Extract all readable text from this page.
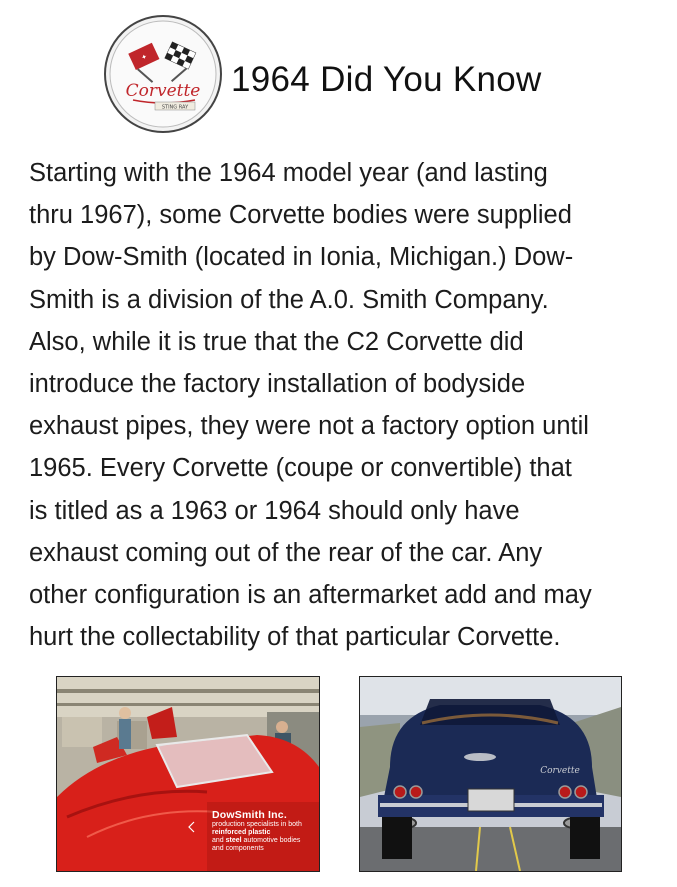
✦
Corvette
STING RAY
1964 Did You Know
Starting with the 1964 model year (and lasting
thru 1967), some Corvette bodies were supplied
by Dow-Smith (located in Ionia, Michigan.) Dow-
Smith is a division of the A.0. Smith Company.
Also, while it is true that the C2 Corvette did
introduce the factory installation of bodyside
exhaust pipes, they were not a factory option until
1965. Every Corvette (coupe or convertible) that
is titled as a 1963 or 1964 should only have
exhaust coming out of the rear of the car. Any
other configuration is an aftermarket add and may
hurt the collectability of that particular Corvette.
DowSmith Inc.
production specialists in both
reinforced plastic
and steel automotive bodies
and components
Corvette
